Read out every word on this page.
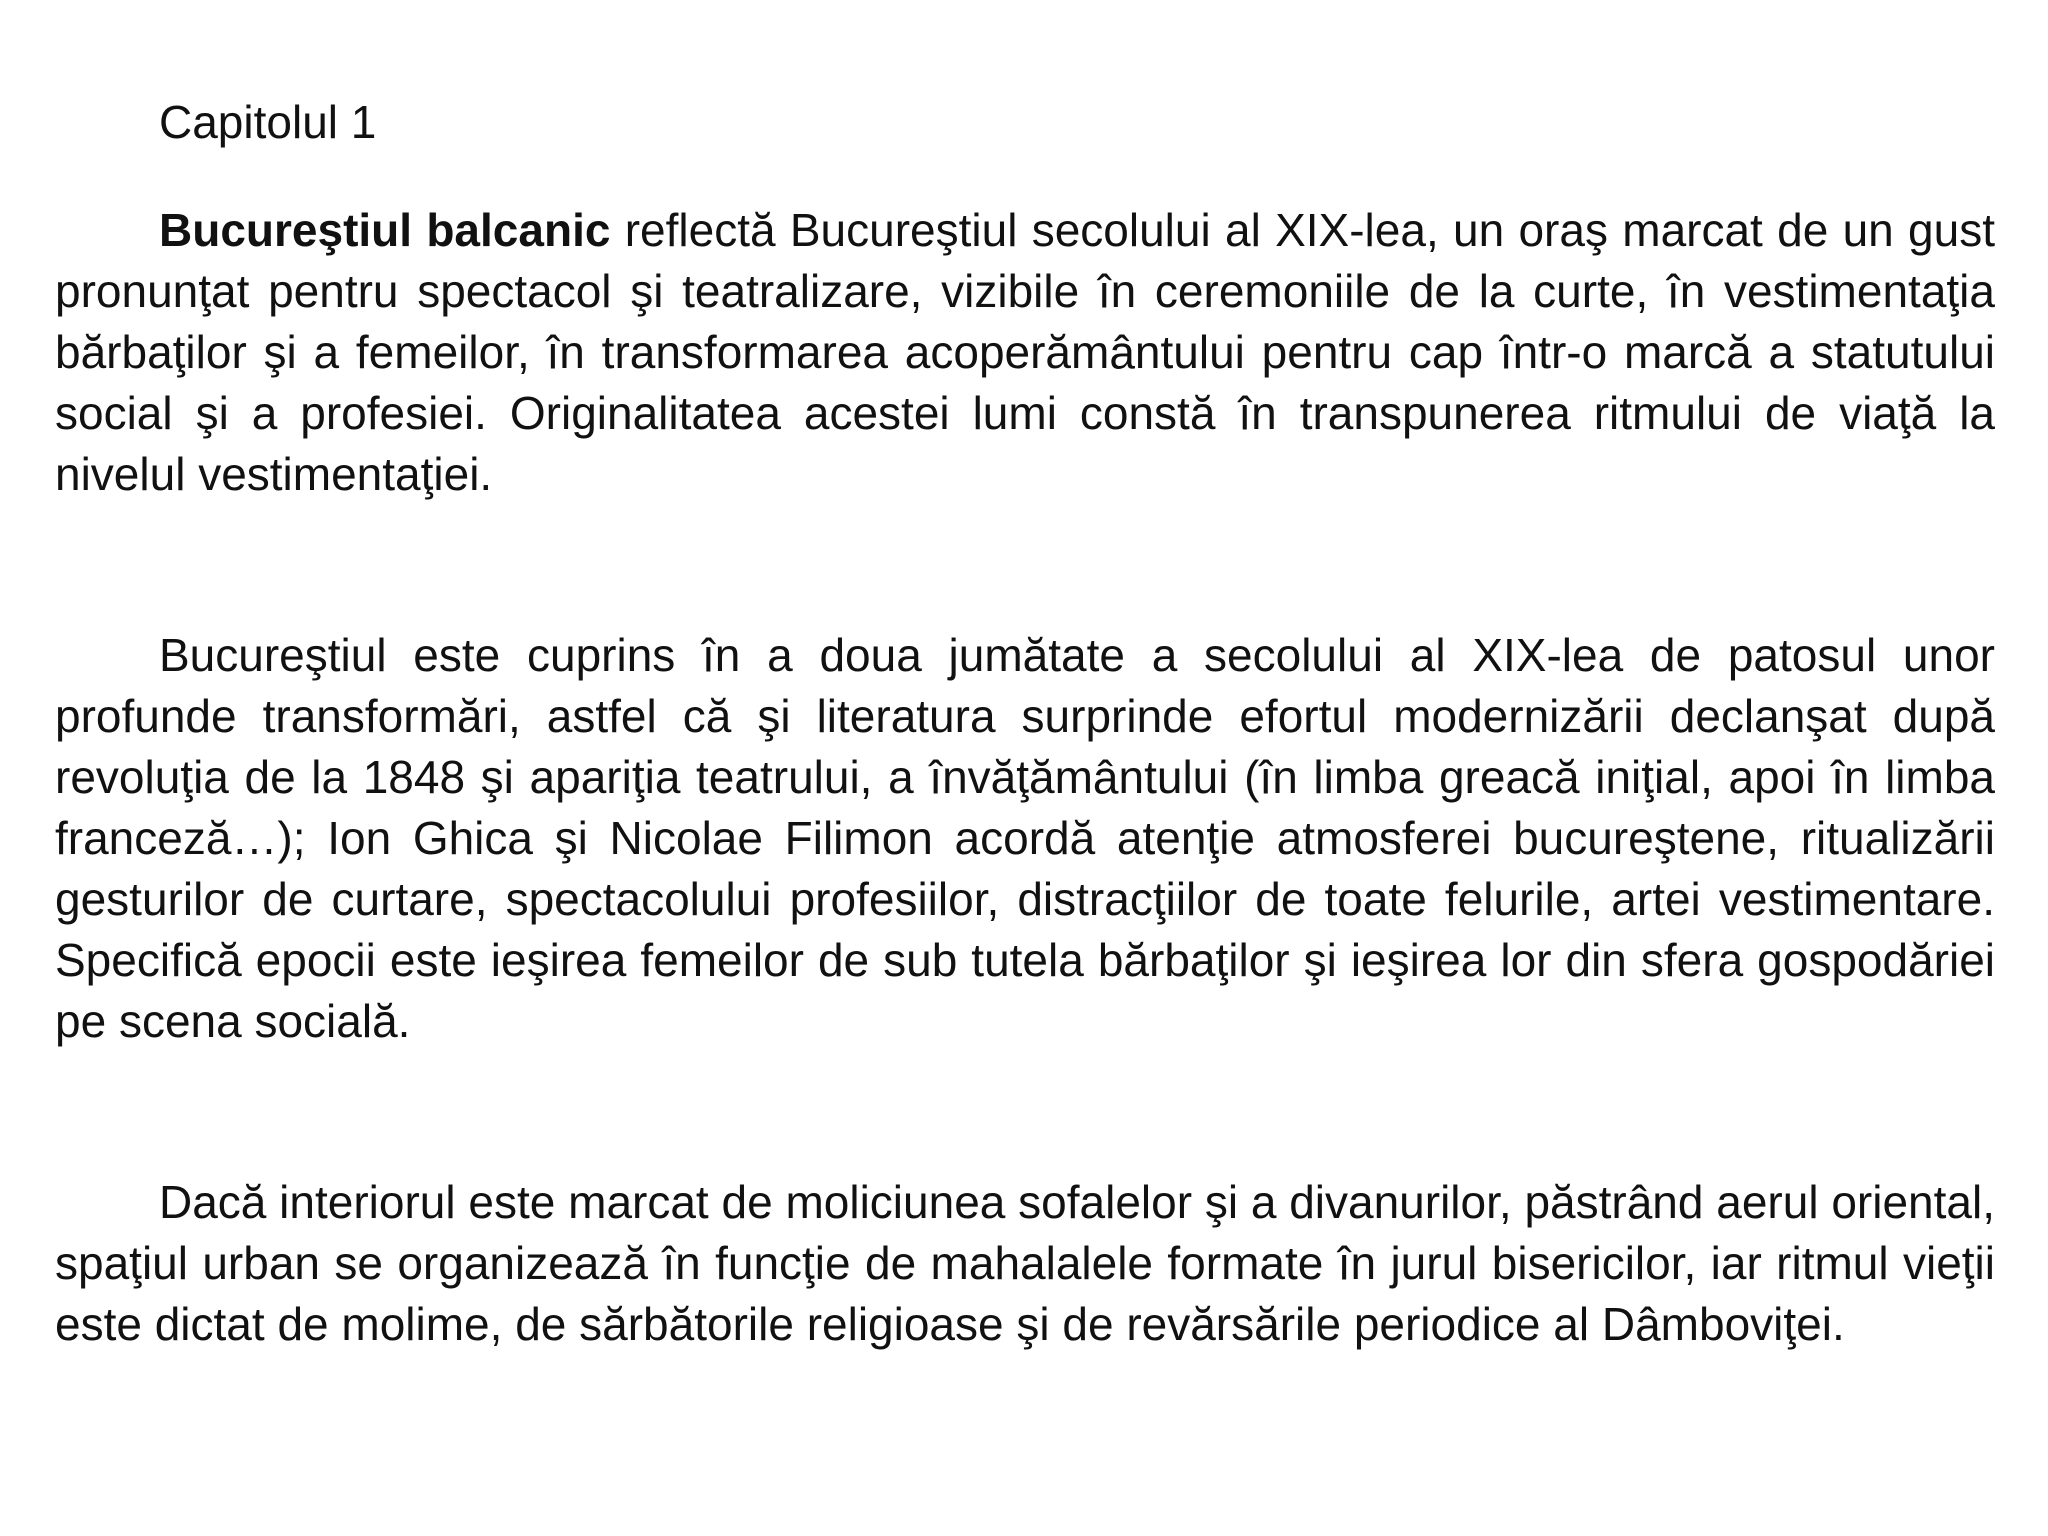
Capitolul 1

Bucureştiul balcanic reflectă Bucureştiul secolului al XIX-lea, un oraş marcat de un gust pronunţat pentru spectacol şi teatralizare, vizibile în ceremoniile de la curte, în vestimentaţia bărbaţilor şi a femeilor, în transformarea acoperământului pentru cap într-o marcă a statutului social şi a profesiei. Originalitatea acestei lumi constă în transpunerea ritmului de viaţă la nivelul vestimentaţiei.

Bucureştiul este cuprins în a doua jumătate a secolului al XIX-lea de patosul unor profunde transformări, astfel că şi literatura surprinde efortul modernizării declanşat după revoluţia de la 1848 şi apariţia teatrului, a învăţământului (în limba greacă iniţial, apoi în limba franceză…); Ion Ghica şi Nicolae Filimon acordă atenţie atmosferei bucureştene, ritualizării gesturilor de curtare, spectacolului profesiilor, distracţiilor de toate felurile, artei vestimentare. Specifică epocii este ieşirea femeilor de sub tutela bărbaţilor şi ieşirea lor din sfera gospodăriei pe scena socială.

Dacă interiorul este marcat de moliciunea sofalelor şi a divanurilor, păstrând aerul oriental, spaţiul urban se organizează în funcţie de mahalalele formate în jurul bisericilor, iar ritmul vieţii este dictat de molime, de sărbătorile religioase şi de revărsările periodice al Dâmboviţei.
